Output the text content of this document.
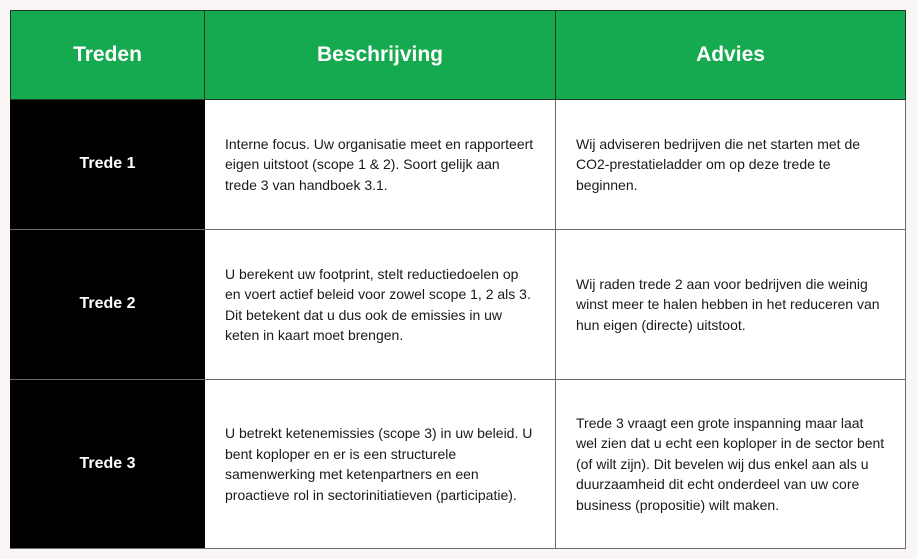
Treden	Beschrijving	Advies
Trede 1	Interne focus. Uw organisatie meet en rapporteert eigen uitstoot (scope 1 & 2). Soort gelijk aan trede 3 van handboek 3.1.	Wij adviseren bedrijven die net starten met de CO2-prestatieladder om op deze trede te beginnen.
Trede 2	U berekent uw footprint, stelt reductiedoelen op en voert actief beleid voor zowel scope 1, 2 als 3. Dit betekent dat u dus ook de emissies in uw keten in kaart moet brengen.	Wij raden trede 2 aan voor bedrijven die weinig winst meer te halen hebben in het reduceren van hun eigen (directe) uitstoot.
Trede 3	U betrekt ketenemissies (scope 3) in uw beleid. U bent koploper en er is een structurele samenwerking met ketenpartners en een proactieve rol in sectorinitiatieven (participatie).	Trede 3 vraagt een grote inspanning maar laat wel zien dat u echt een koploper in de sector bent (of wilt zijn). Dit bevelen wij dus enkel aan als u duurzaamheid dit echt onderdeel van uw core business (propositie) wilt maken.
